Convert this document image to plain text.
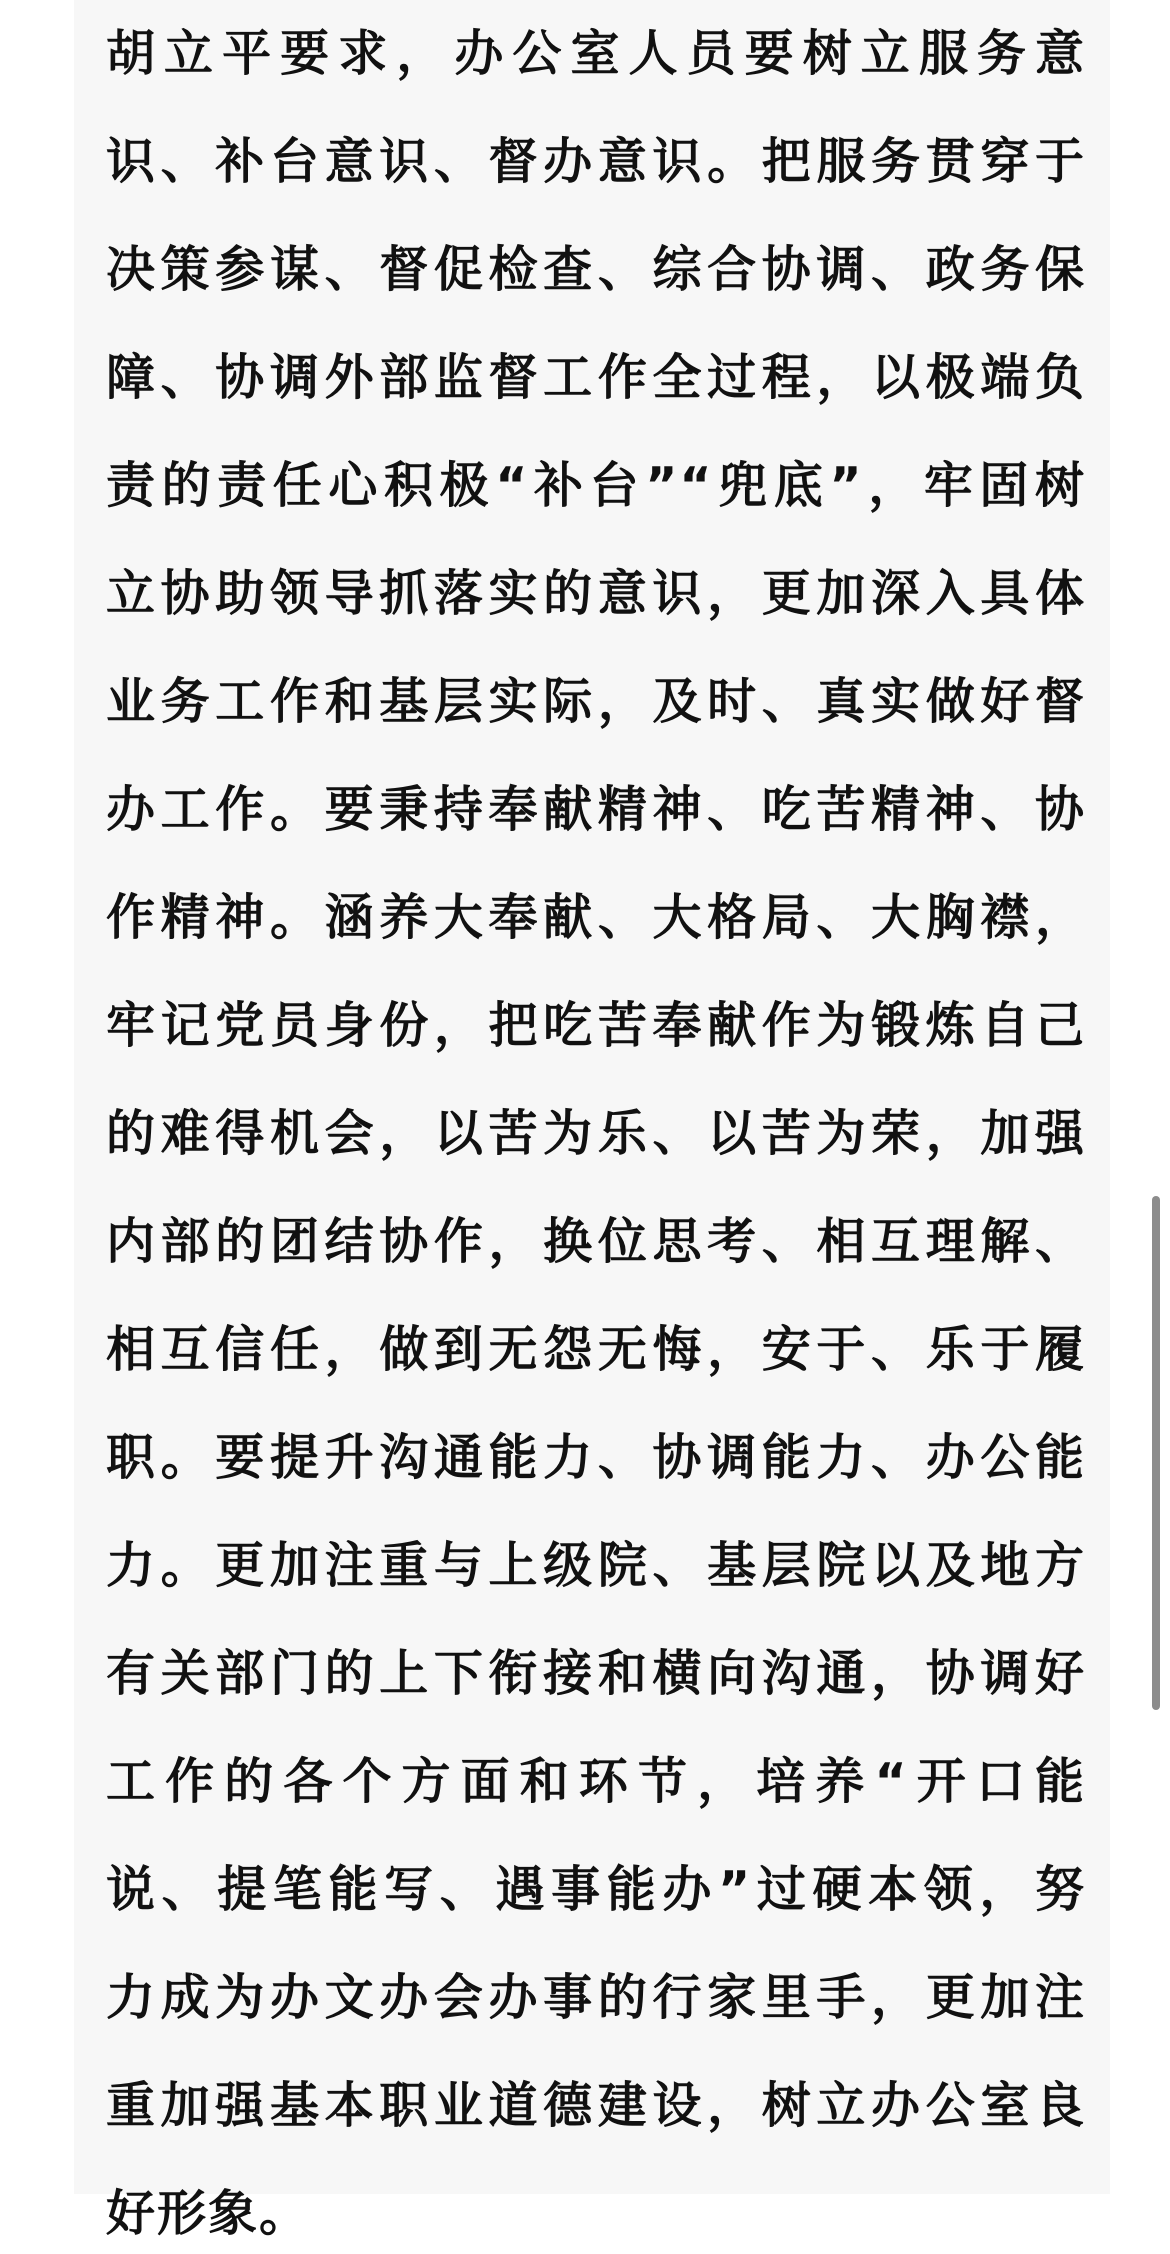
胡立平要求，办公室人员要树立服务意
识、补台意识、督办意识。把服务贯穿于
决策参谋、督促检查、综合协调、政务保
障、协调外部监督工作全过程，以极端负
责的责任心积极“补台”“兜底”，牢固树
立协助领导抓落实的意识，更加深入具体
业务工作和基层实际，及时、真实做好督
办工作。要秉持奉献精神、吃苦精神、协
作精神。涵养大奉献、大格局、大胸襟，
牢记党员身份，把吃苦奉献作为锻炼自己
的难得机会，以苦为乐、以苦为荣，加强
内部的团结协作，换位思考、相互理解、
相互信任，做到无怨无悔，安于、乐于履
职。要提升沟通能力、协调能力、办公能
力。更加注重与上级院、基层院以及地方
有关部门的上下衔接和横向沟通，协调好
工作的各个方面和环节，培养“开口能
说、提笔能写、遇事能办”过硬本领，努
力成为办文办会办事的行家里手，更加注
重加强基本职业道德建设，树立办公室良
好形象。
